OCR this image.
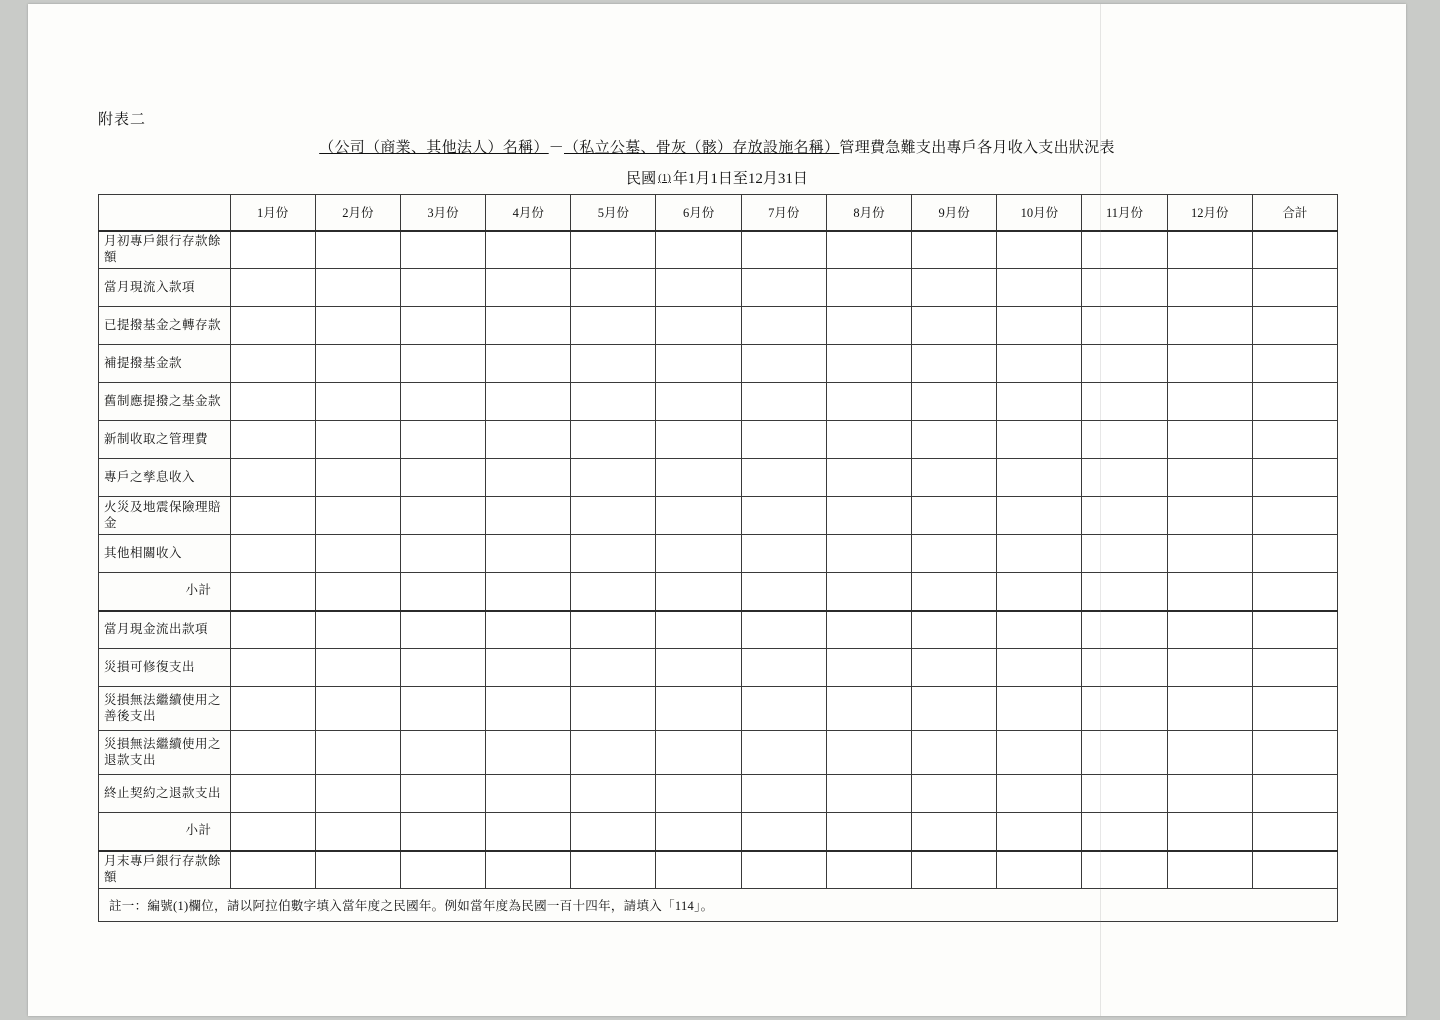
附表二
（公司（商業、其他法人）名稱）－（私立公墓、骨灰（骸）存放設施名稱）管理費急難支出專戶各月收入支出狀況表
民國 (1) 年1月1日至12月31日
	1月份	2月份	3月份	4月份	5月份	6月份	7月份	8月份	9月份	10月份	11月份	12月份	合計
月初專戶銀行存款餘額													
當月現流入款項													
已提撥基金之轉存款													
補提撥基金款													
舊制應提撥之基金款													
新制收取之管理費													
專戶之孳息收入													
火災及地震保險理賠金													
其他相關收入													
小計													
當月現金流出款項													
災損可修復支出													
災損無法繼續使用之善後支出													
災損無法繼續使用之退款支出													
終止契約之退款支出													
小計													
月末專戶銀行存款餘額													
註一：編號(1)欄位，請以阿拉伯數字填入當年度之民國年。例如當年度為民國一百十四年，請填入「114」。
